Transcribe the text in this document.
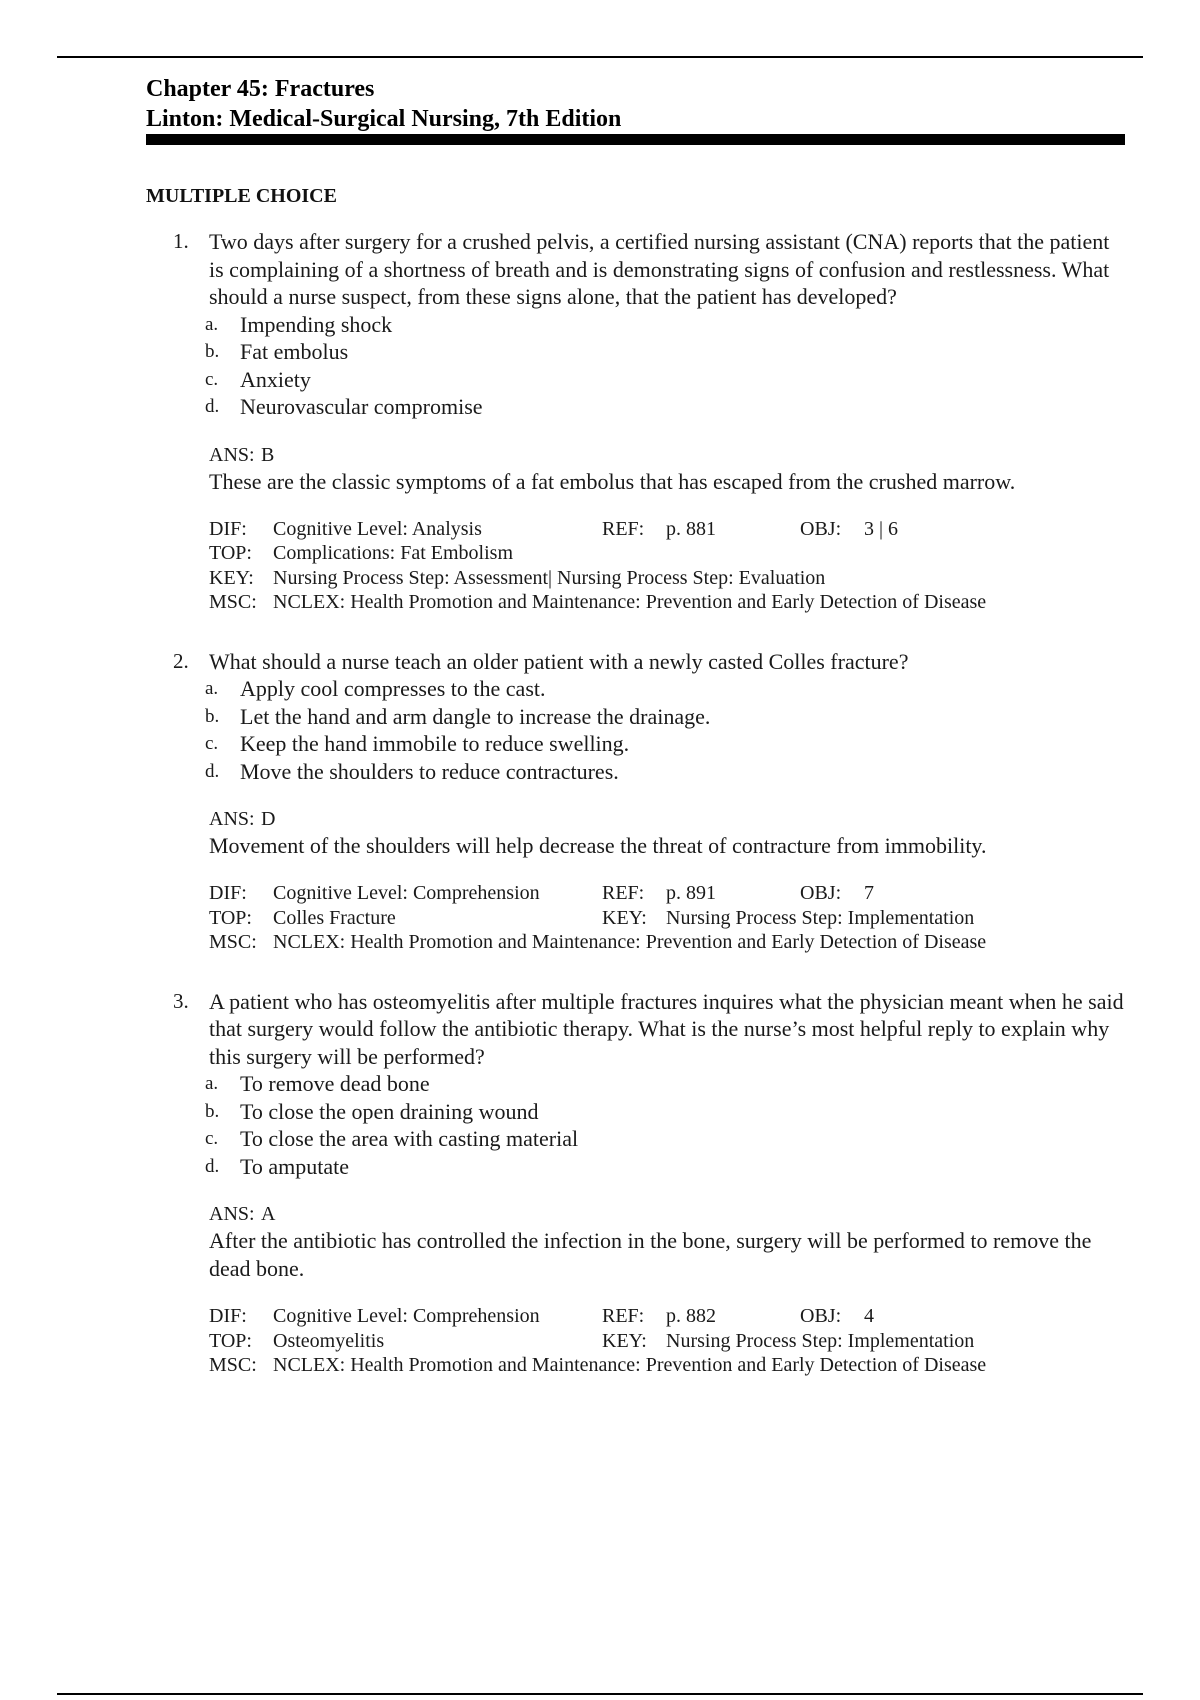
Chapter 45: Fractures
Linton: Medical-Surgical Nursing, 7th Edition
MULTIPLE CHOICE
1. Two days after surgery for a crushed pelvis, a certified nursing assistant (CNA) reports that the patient is complaining of a shortness of breath and is demonstrating signs of confusion and restlessness. What should a nurse suspect, from these signs alone, that the patient has developed?

a. Impending shock
b. Fat embolus
c. Anxiety
d. Neurovascular compromise
ANS: B

These are the classic symptoms of a fat embolus that has escaped from the crushed marrow.

DIF: Cognitive Level: Analysis	REF: p. 881	OBJ: 3 | 6
TOP:	Complications: Fat Embolism
KEY: Nursing Process Step: Assessment| Nursing Process Step: Evaluation
MSC: NCLEX: Health Promotion and Maintenance: Prevention and Early Detection of Disease
2. What should a nurse teach an older patient with a newly casted Colles fracture?

a. Apply cool compresses to the cast.
b. Let the hand and arm dangle to increase the drainage.
c. Keep the hand immobile to reduce swelling.
d. Move the shoulders to reduce contractures.
ANS: D

Movement of the shoulders will help decrease the threat of contracture from immobility.

DIF: Cognitive Level: Comprehension	REF: p. 891	OBJ: 7
TOP: Colles Fracture	KEY: Nursing Process Step: Implementation
MSC: NCLEX: Health Promotion and Maintenance: Prevention and Early Detection of Disease
3. A patient who has osteomyelitis after multiple fractures inquires what the physician meant when he said that surgery would follow the antibiotic therapy. What is the nurse’s most helpful reply to explain why this surgery will be performed?

a. To remove dead bone
b. To close the open draining wound
c. To close the area with casting material
d. To amputate
ANS: A

After the antibiotic has controlled the infection in the bone, surgery will be performed to remove the dead bone.

DIF: Cognitive Level: Comprehension	REF: p. 882	OBJ: 4
TOP: Osteomyelitis	KEY: Nursing Process Step: Implementation
MSC: NCLEX: Health Promotion and Maintenance: Prevention and Early Detection of Disease
